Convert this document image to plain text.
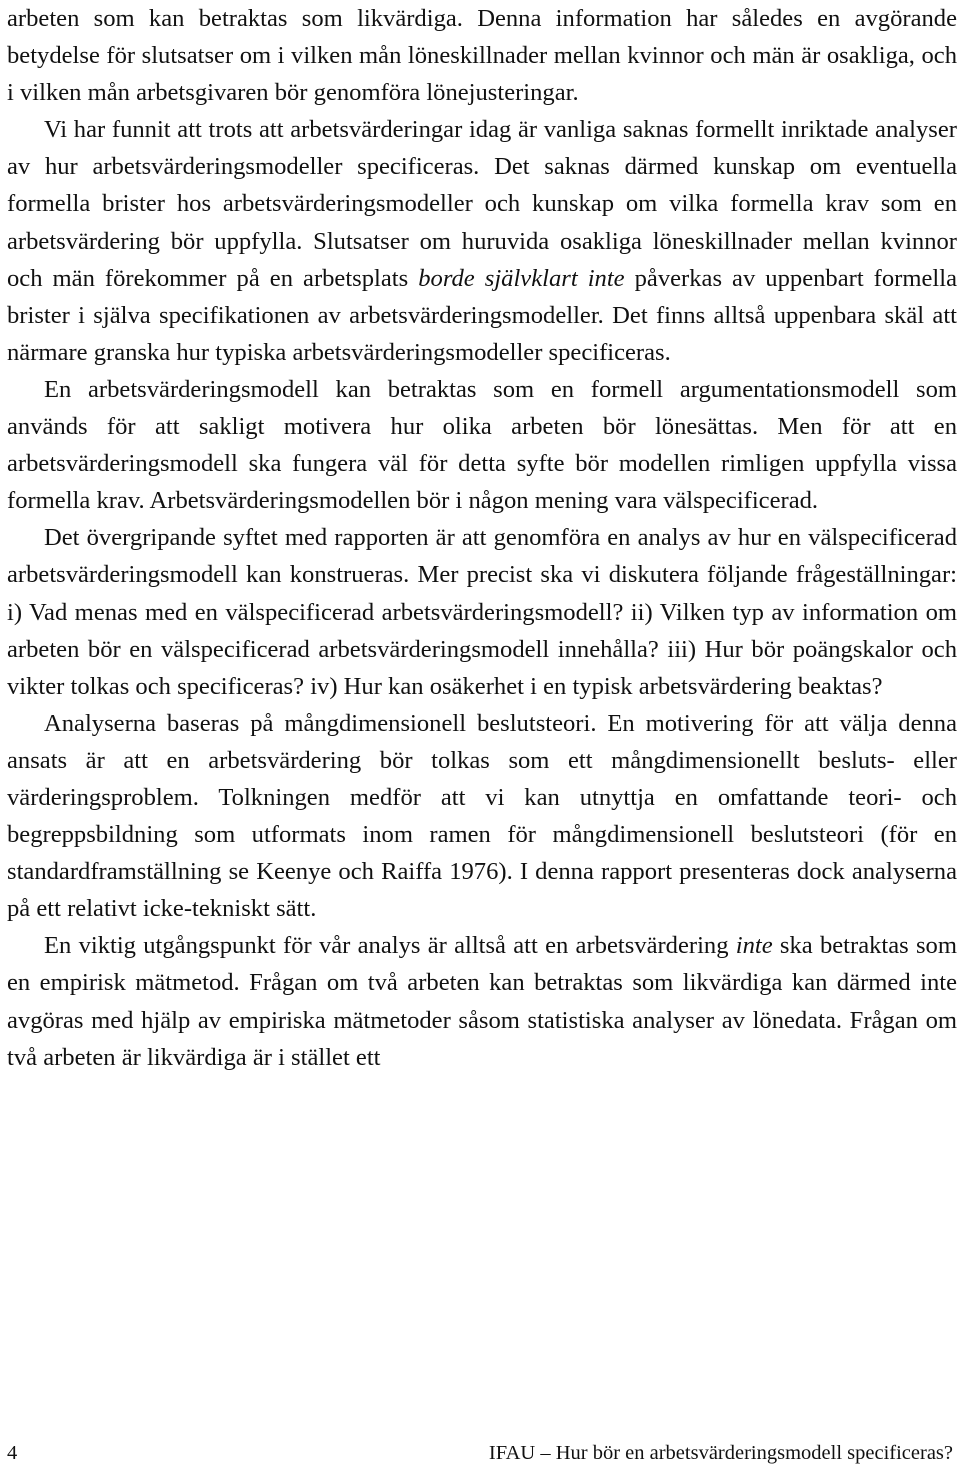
arbeten som kan betraktas som likvärdiga. Denna information har således en avgörande betydelse för slutsatser om i vilken mån löneskillnader mellan kvinnor och män är osakliga, och i vilken mån arbetsgivaren bör genomföra lönejusteringar.

Vi har funnit att trots att arbetsvärderingar idag är vanliga saknas formellt inriktade analyser av hur arbetsvärderingsmodeller specificeras. Det saknas därmed kunskap om eventuella formella brister hos arbetsvärderingsmodeller och kunskap om vilka formella krav som en arbetsvärdering bör uppfylla. Slutsatser om huruvida osakliga löneskillnader mellan kvinnor och män förekommer på en arbetsplats borde självklart inte påverkas av uppenbart formella brister i själva specifikationen av arbetsvärderingsmodeller. Det finns alltså uppenbara skäl att närmare granska hur typiska arbetsvärderingsmodeller specificeras.

En arbetsvärderingsmodell kan betraktas som en formell argumentationsmodell som används för att sakligt motivera hur olika arbeten bör lönesättas. Men för att en arbetsvärderingsmodell ska fungera väl för detta syfte bör modellen rimligen uppfylla vissa formella krav. Arbetsvärderingsmodellen bör i någon mening vara välspecificerad.

Det övergripande syftet med rapporten är att genomföra en analys av hur en välspecificerad arbetsvärderingsmodell kan konstrueras. Mer precist ska vi diskutera följande frågeställningar: i) Vad menas med en välspecificerad arbetsvärderingsmodell? ii) Vilken typ av information om arbeten bör en välspecificerad arbetsvärderingsmodell innehålla? iii) Hur bör poängskalor och vikter tolkas och specificeras? iv) Hur kan osäkerhet i en typisk arbetsvärdering beaktas?

Analyserna baseras på mångdimensionell beslutsteori. En motivering för att välja denna ansats är att en arbetsvärdering bör tolkas som ett mångdimensionellt besluts- eller värderingsproblem. Tolkningen medför att vi kan utnyttja en omfattande teori- och begreppsbildning som utformats inom ramen för mångdimensionell beslutsteori (för en standardframställning se Keenye och Raiffa 1976). I denna rapport presenteras dock analyserna på ett relativt icke-tekniskt sätt.

En viktig utgångspunkt för vår analys är alltså att en arbetsvärdering inte ska betraktas som en empirisk mätmetod. Frågan om två arbeten kan betraktas som likvärdiga kan därmed inte avgöras med hjälp av empiriska mätmetoder såsom statistiska analyser av lönedata. Frågan om två arbeten är likvärdiga är i stället ett

4	IFAU – Hur bör en arbetsvärderingsmodell specificeras?
